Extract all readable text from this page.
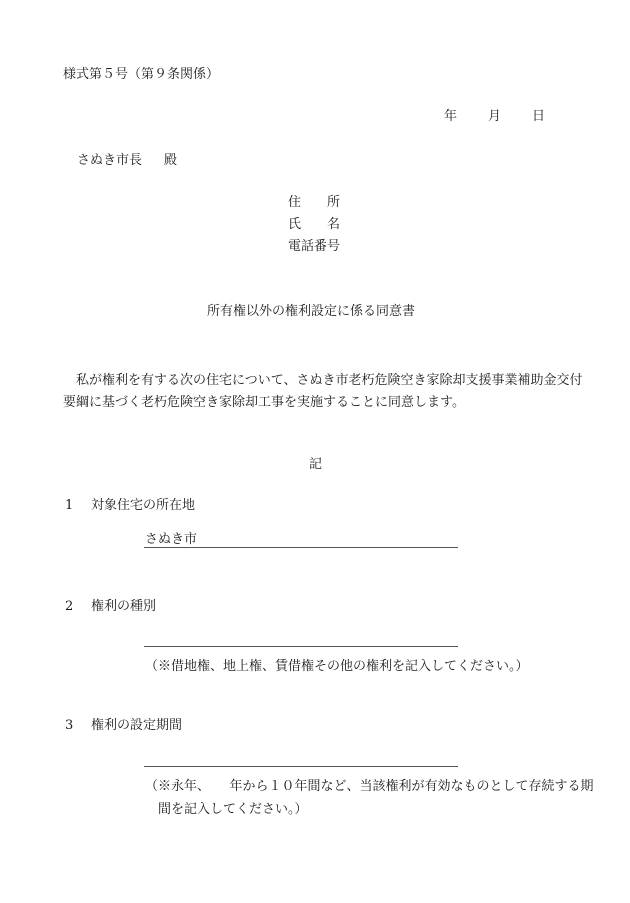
様式第５号（第９条関係）
年	月	日
さぬき市長 殿
住 所
氏 名
電話番号
所有権以外の権利設定に係る同意書
私が権利を有する次の住宅について、さぬき市老朽危険空き家除却支援事業補助金交付要綱に基づく老朽危険空き家除却工事を実施することに同意します。
記
1 対象住宅の所在地
さぬき市
2 権利の種別
（※借地権、地上権、賃借権その他の権利を記入してください。）
3 権利の設定期間
（※永年、　　年から１０年間など、当該権利が有効なものとして存続する期間を記入してください。）
